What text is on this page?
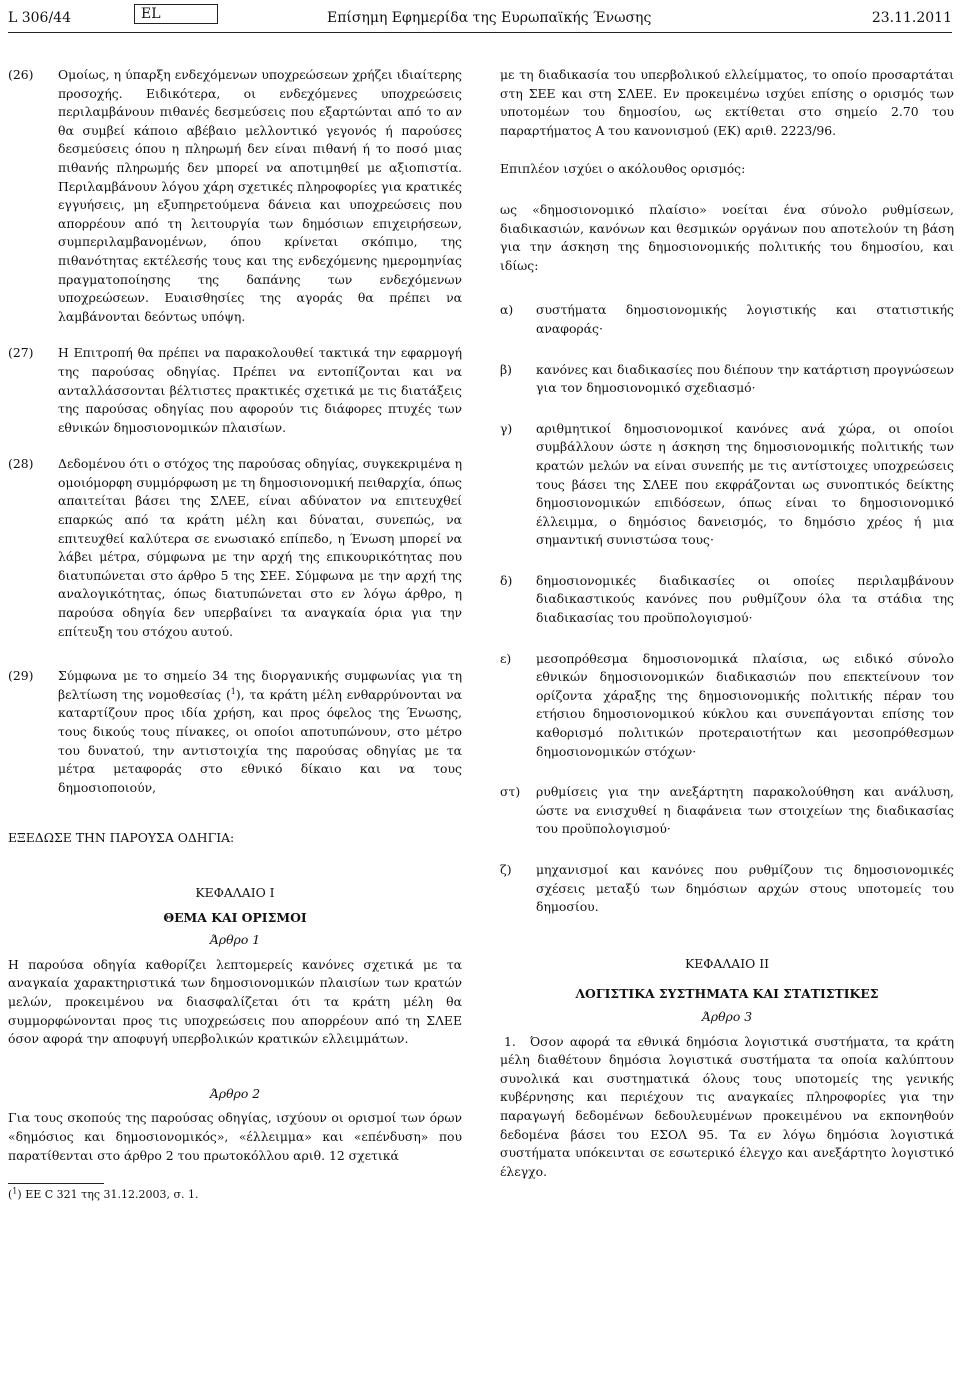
L 306/44	EL	Επίσημη Εφημερίδα της Ευρωπαϊκής Ένωσης	23.11.2011
(26)	Ομοίως, η ύπαρξη ενδεχόμενων υποχρεώσεων χρήζει ιδιαίτερης προσοχής. Ειδικότερα, οι ενδεχόμενες υποχρεώσεις περιλαμβάνουν πιθανές δεσμεύσεις που εξαρτώνται από το αν θα συμβεί κάποιο αβέβαιο μελλοντικό γεγονός ή παρούσες δεσμεύσεις όπου η πληρωμή δεν είναι πιθανή ή το ποσό μιας πιθανής πληρωμής δεν μπορεί να αποτιμηθεί με αξιοπιστία. Περιλαμβάνουν λόγου χάρη σχετικές πληροφορίες για κρατικές εγγυήσεις, μη εξυπηρετούμενα δάνεια και υποχρεώσεις που απορρέουν από τη λειτουργία των δημόσιων επιχειρήσεων, συμπεριλαμβανομένων, όπου κρίνεται σκόπιμο, της πιθανότητας εκτέλεσής τους και της ενδεχόμενης ημερομηνίας πραγματοποίησης της δαπάνης των ενδεχόμενων υποχρεώσεων. Ευαισθησίες της αγοράς θα πρέπει να λαμβάνονται δεόντως υπόψη.
(27)	Η Επιτροπή θα πρέπει να παρακολουθεί τακτικά την εφαρμογή της παρούσας οδηγίας. Πρέπει να εντοπίζονται και να ανταλλάσσονται βέλτιστες πρακτικές σχετικά με τις διατάξεις της παρούσας οδηγίας που αφορούν τις διάφορες πτυχές των εθνικών δημοσιονομικών πλαισίων.
(28)	Δεδομένου ότι ο στόχος της παρούσας οδηγίας, συγκεκριμένα η ομοιόμορφη συμμόρφωση με τη δημοσιονομική πειθαρχία, όπως απαιτείται βάσει της ΣΛΕΕ, είναι αδύνατον να επιτευχθεί επαρκώς από τα κράτη μέλη και δύναται, συνεπώς, να επιτευχθεί καλύτερα σε ενωσιακό επίπεδο, η Ένωση μπορεί να λάβει μέτρα, σύμφωνα με την αρχή της επικουρικότητας που διατυπώνεται στο άρθρο 5 της ΣΕΕ. Σύμφωνα με την αρχή της αναλογικότητας, όπως διατυπώνεται στο εν λόγω άρθρο, η παρούσα οδηγία δεν υπερβαίνει τα αναγκαία όρια για την επίτευξη του στόχου αυτού.
(29)	Σύμφωνα με το σημείο 34 της διοργανικής συμφωνίας για τη βελτίωση της νομοθεσίας ($^1$), τα κράτη μέλη ενθαρρύνονται να καταρτίζουν προς ιδία χρήση, και προς όφελος της Ένωσης, τους δικούς τους πίνακες, οι οποίοι αποτυπώνουν, στο μέτρο του δυνατού, την αντιστοιχία της παρούσας οδηγίας με τα μέτρα μεταφοράς στο εθνικό δίκαιο και να τους δημοσιοποιούν,

ΕΞΕΔΩΣΕ ΤΗΝ ΠΑΡΟΥΣΑ ΟΔΗΓΙΑ:

ΚΕΦΑΛΑΙΟ I

ΘΕΜΑ ΚΑΙ ΟΡΙΣΜΟΙ

Άρθρο 1

Η παρούσα οδηγία καθορίζει λεπτομερείς κανόνες σχετικά με τα αναγκαία χαρακτηριστικά των δημοσιονομικών πλαισίων των κρατών μελών, προκειμένου να διασφαλίζεται ότι τα κράτη μέλη θα συμμορφώνονται προς τις υποχρεώσεις που απορρέουν από τη ΣΛΕΕ όσον αφορά την αποφυγή υπερβολικών κρατικών ελλειμμάτων.

Άρθρο 2

Για τους σκοπούς της παρούσας οδηγίας, ισχύουν οι ορισμοί των όρων «δημόσιος και δημοσιονομικός», «έλλειμμα» και «επένδυση» που παρατίθενται στο άρθρο 2 του πρωτοκόλλου αριθ. 12 σχετικά

($^1$) ΕΕ C 321 της 31.12.2003, σ. 1.

με τη διαδικασία του υπερβολικού ελλείμματος, το οποίο προσαρτάται στη ΣΕΕ και στη ΣΛΕΕ. Εν προκειμένω ισχύει επίσης ο ορισμός των υποτομέων του δημοσίου, ως εκτίθεται στο σημείο 2.70 του παραρτήματος Α του κανονισμού (ΕΚ) αριθ. 2223/96.

Επιπλέον ισχύει ο ακόλουθος ορισμός:

ως «δημοσιονομικό πλαίσιο» νοείται ένα σύνολο ρυθμίσεων, διαδικασιών, κανόνων και θεσμικών οργάνων που αποτελούν τη βάση για την άσκηση της δημοσιονομικής πολιτικής του δημοσίου, και ιδίως:

α)	συστήματα δημοσιονομικής λογιστικής και στατιστικής αναφοράς·
β)	κανόνες και διαδικασίες που διέπουν την κατάρτιση προγνώσεων για τον δημοσιονομικό σχεδιασμό·
γ)	αριθμητικοί δημοσιονομικοί κανόνες ανά χώρα, οι οποίοι συμβάλλουν ώστε η άσκηση της δημοσιονομικής πολιτικής των κρατών μελών να είναι συνεπής με τις αντίστοιχες υποχρεώσεις τους βάσει της ΣΛΕΕ που εκφράζονται ως συνοπτικός δείκτης δημοσιονομικών επιδόσεων, όπως είναι το δημοσιονομικό έλλειμμα, ο δημόσιος δανεισμός, το δημόσιο χρέος ή μια σημαντική συνιστώσα τους·
δ)	δημοσιονομικές διαδικασίες οι οποίες περιλαμβάνουν διαδικαστικούς κανόνες που ρυθμίζουν όλα τα στάδια της διαδικασίας του προϋπολογισμού·
ε)	μεσοπρόθεσμα δημοσιονομικά πλαίσια, ως ειδικό σύνολο εθνικών δημοσιονομικών διαδικασιών που επεκτείνουν τον ορίζοντα χάραξης της δημοσιονομικής πολιτικής πέραν του ετήσιου δημοσιονομικού κύκλου και συνεπάγονται επίσης τον καθορισμό πολιτικών προτεραιοτήτων και μεσοπρόθεσμων δημοσιονομικών στόχων·
στ)	ρυθμίσεις για την ανεξάρτητη παρακολούθηση και ανάλυση, ώστε να ενισχυθεί η διαφάνεια των στοιχείων της διαδικασίας του προϋπολογισμού·
ζ)	μηχανισμοί και κανόνες που ρυθμίζουν τις δημοσιονομικές σχέσεις μεταξύ των δημόσιων αρχών στους υποτομείς του δημοσίου.

ΚΕΦΑΛΑΙΟ II

ΛΟΓΙΣΤΙΚΑ ΣΥΣΤΗΜΑΤΑ ΚΑΙ ΣΤΑΤΙΣΤΙΚΕΣ

Άρθρο 3

1. Όσον αφορά τα εθνικά δημόσια λογιστικά συστήματα, τα κράτη μέλη διαθέτουν δημόσια λογιστικά συστήματα τα οποία καλύπτουν συνολικά και συστηματικά όλους τους υποτομείς της γενικής κυβέρνησης και περιέχουν τις αναγκαίες πληροφορίες για την παραγωγή δεδομένων δεδουλευμένων προκειμένου να εκπονηθούν δεδομένα βάσει του ΕΣΟΛ 95. Τα εν λόγω δημόσια λογιστικά συστήματα υπόκεινται σε εσωτερικό έλεγχο και ανεξάρτητο λογιστικό έλεγχο.
